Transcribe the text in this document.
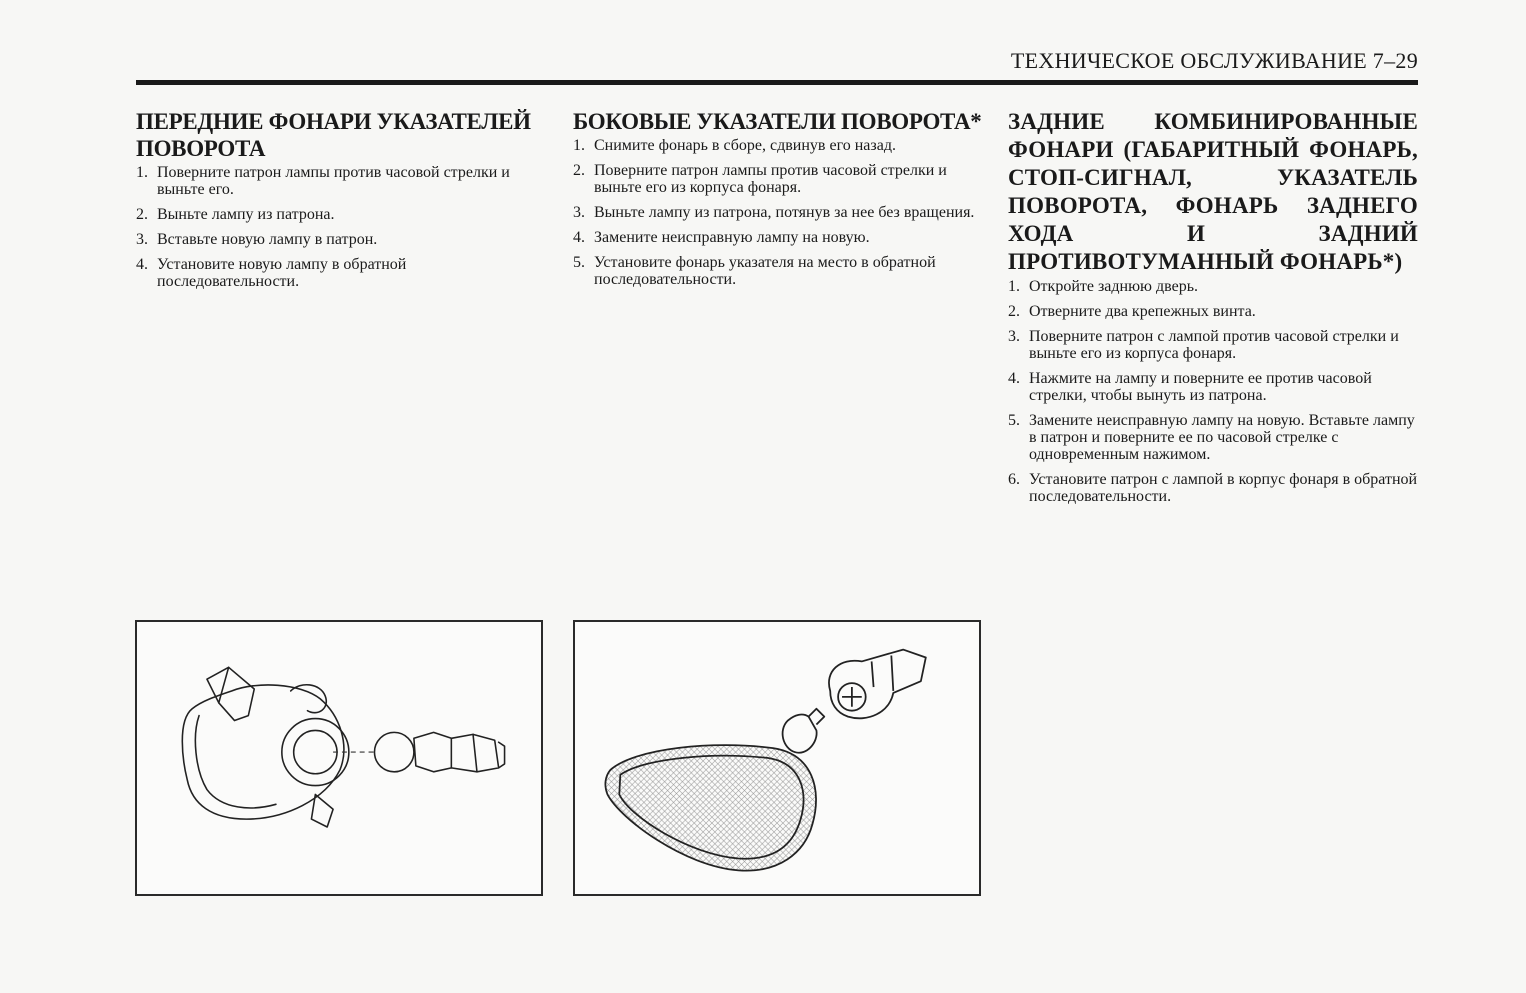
ТЕХНИЧЕСКОЕ ОБСЛУЖИВАНИЕ 7–29
ПЕРЕДНИЕ ФОНАРИ УКАЗАТЕЛЕЙ ПОВОРОТА
1. Поверните патрон лампы против часовой стрелки и выньте его.
2. Выньте лампу из патрона.
3. Вставьте новую лампу в патрон.
4. Установите новую лампу в обратной последовательности.
БОКОВЫЕ УКАЗАТЕЛИ ПОВОРОТА*
1. Снимите фонарь в сборе, сдвинув его назад.
2. Поверните патрон лампы против часовой стрелки и выньте его из корпуса фонаря.
3. Выньте лампу из патрона, потянув за нее без вращения.
4. Замените неисправную лампу на новую.
5. Установите фонарь указателя на место в обратной последовательности.
ЗАДНИЕ КОМБИНИРОВАННЫЕ ФОНАРИ (ГАБАРИТНЫЙ ФОНАРЬ, СТОП-СИГНАЛ, УКАЗАТЕЛЬ ПОВОРОТА, ФОНАРЬ ЗАДНЕГО ХОДА И ЗАДНИЙ ПРОТИВОТУМАННЫЙ ФОНАРЬ*)
1. Откройте заднюю дверь.
2. Отверните два крепежных винта.
3. Поверните патрон с лампой против часовой стрелки и выньте его из корпуса фонаря.
4. Нажмите на лампу и поверните ее против часовой стрелки, чтобы вынуть из патрона.
5. Замените неисправную лампу на новую. Вставьте лампу в патрон и поверните ее по часовой стрелке с одновременным нажимом.
6. Установите патрон с лампой в корпус фонаря в обратной последовательности.
